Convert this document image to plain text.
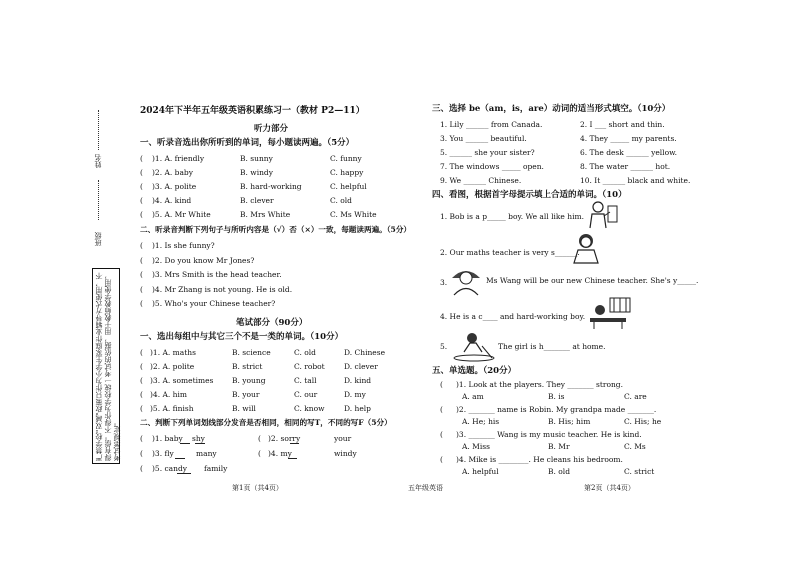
姓名
班级
严禁学校"双减"政策只作为小学生家庭作业辅导方式使用，不得有偿。不得作为学校统一考试的依据，用于教师教学使用，考试类规定。
2024年下半年五年级英语积累练习一（教材 P2—11）
听力部分
一、听录音选出你所听到的单词，每小题读两遍。（5分）
( )1. A. friendly	B. sunny	C. funny
( )2. A. baby	B. windy	C. happy
( )3. A. polite	B. hard-working	C. helpful
( )4. A. kind	B. clever	C. old
( )5. A. Mr White	B. Mrs White	C. Ms White
二、听录音判断下列句子与所听内容是（√）否（×）一致，每题读两遍。（5分）
( )1. Is she funny?
( )2. Do you know Mr Jones?
( )3. Mrs Smith is the head teacher.
( )4. Mr Zhang is not young. He is old.
( )5. Who's your Chinese teacher?
笔试部分（90分）
一、选出每组中与其它三个不是一类的单词。（10分）
( )1. A. maths	B. science	C. old	D. Chinese
( )2. A. polite	B. strict	C. robot	D. clever
( )3. A. sometimes B. young	C. tall	D. kind
( )4. A. him	B. your	C. our	D. my
( )5. A. finish	B. will	C. know	D. help
二、判断下列单词划线部分发音是否相同，相同的写T，不同的写F（5分）
( )1. baby shy	( )2. sorry	your
( )3. fly	many	( )4. my	windy
( )5. candy family
第1页（共4页）	五年级英语
三、选择 be（am，is，are）动词的适当形式填空。（10分）
1. Lily ______ from Canada.	2. I ___ short and thin.
3. You ______ beautiful.	4. They _____ my parents.
5. ______ she your sister?	6. The desk ______ yellow.
7. The windows _____ open.	8. The water ______ hot.
9. We ______ Chinese.	10. It ______ black and white.
四、看图，根据首字母提示填上合适的单词。（10）
1. Bob is a p_____ boy. We all like him.
2. Our maths teacher is very s______.
3.	Ms Wang will be our new Chinese teacher. She's y_____.
4. He is a c____ and hard-working boy.
5.	The girl is h_______ at home.
五、单选题。（20分）
( )1. Look at the players. They _______ strong.
A. am	B. is	C. are
( )2. _______ name is Robin. My grandpa made _______.
A. He; his	B. His; him	C. His; he
( )3. _______ Wang is my music teacher. He is kind.
A. Miss	B. Mr	C. Ms
( )4. Mike is ________. He cleans his bedroom.
A. helpful	B. old	C. strict
第2页（共4页）
